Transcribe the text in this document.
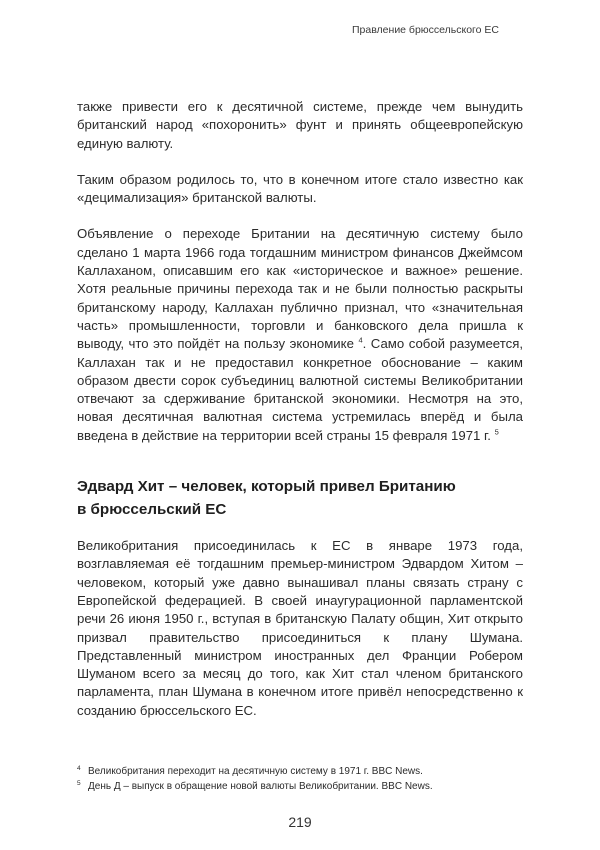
Правление брюссельского ЕС

также привести его к десятичной системе, прежде чем вынудить британский народ «похоронить» фунт и принять общеевропейскую единую валюту.

Таким образом родилось то, что в конечном итоге стало известно как «децимализация» британской валюты.

Объявление о переходе Британии на десятичную систему было сделано 1 марта 1966 года тогдашним министром финансов Джеймсом Каллаханом, описавшим его как «историческое и важное» решение. Хотя реальные причины перехода так и не были полностью раскрыты британскому народу, Каллахан публично признал, что «значительная часть» промышленности, торговли и банковского дела пришла к выводу, что это пойдёт на пользу экономике $^4$. Само собой разумеется, Каллахан так и не предоставил конкретное обоснование – каким образом двести сорок субъединиц валютной системы Великобритании отвечают за сдерживание британской экономики. Несмотря на это, новая десятичная валютная система устремилась вперёд и была введена в действие на территории всей страны 15 февраля 1971 г. $^5$

Эдвард Хит – человек, который привел Британию
в брюссельский ЕС

Великобритания присоединилась к ЕС в январе 1973 года, возглавляемая её тогдашним премьер-министром Эдвардом Хитом – человеком, который уже давно вынашивал планы связать страну с Европейской федерацией. В своей инаугурационной парламентской речи 26 июня 1950 г., вступая в британскую Палату общин, Хит открыто призвал правительство присоединиться к плану Шумана. Представленный министром иностранных дел Франции Робером Шуманом всего за месяц до того, как Хит стал членом британского парламента, план Шумана в конечном итоге привёл непосредственно к созданию брюссельского ЕС.

4 Великобритания переходит на десятичную систему в 1971 г. BBC News.
5 День Д – выпуск в обращение новой валюты Великобритании. BBC News.
219
